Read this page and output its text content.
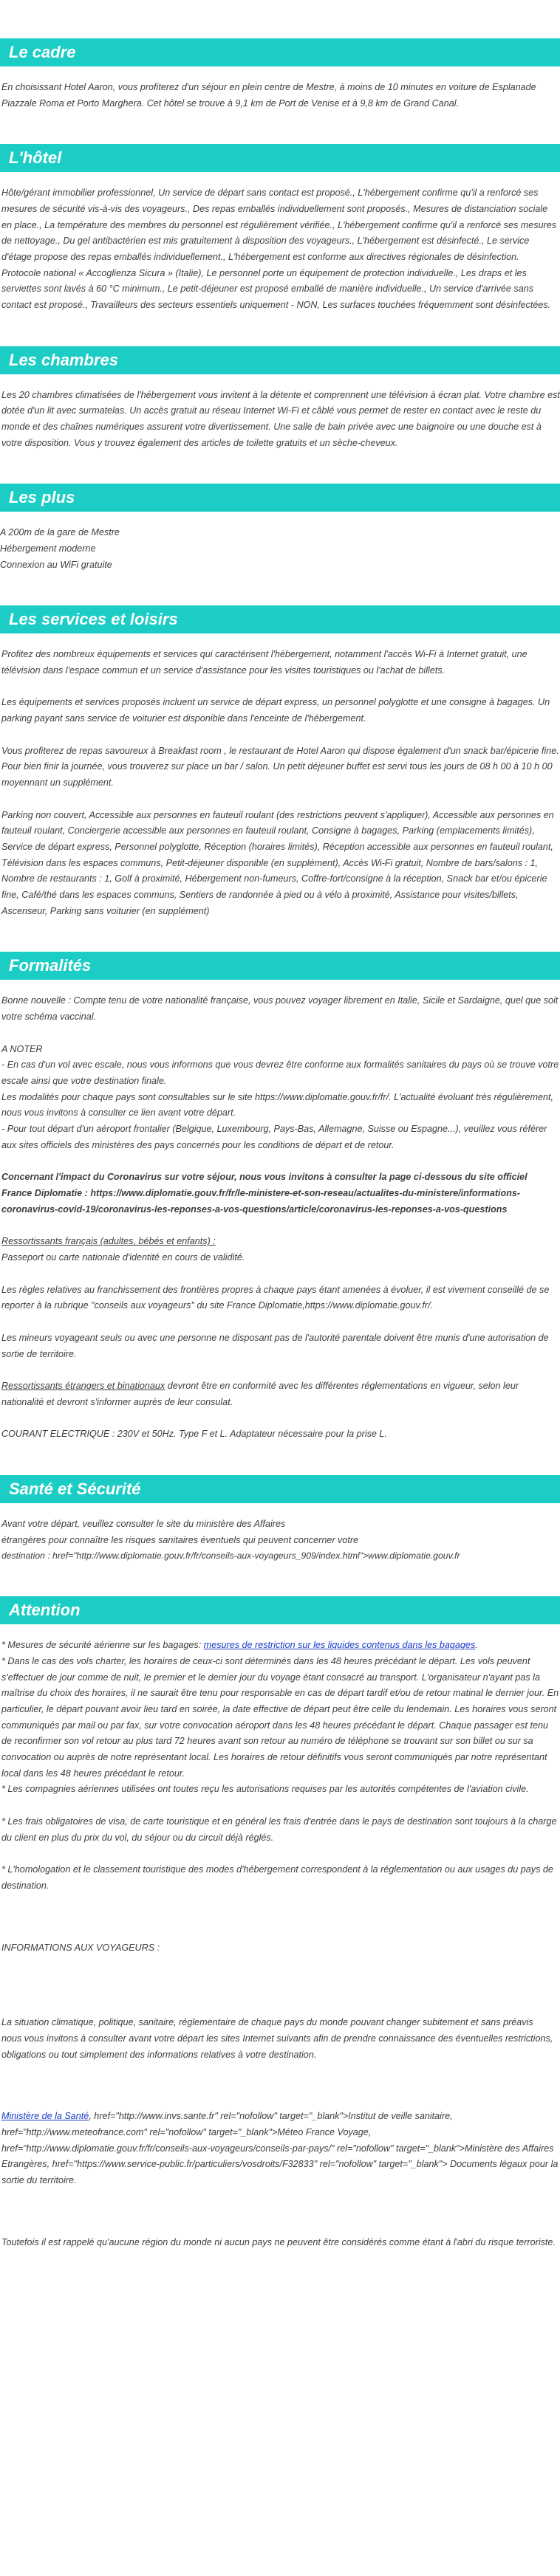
Le cadre

En choisissant Hotel Aaron, vous profiterez d'un séjour en plein centre de Mestre, à moins de 10 minutes en voiture de Esplanade Piazzale Roma et Porto Marghera. Cet hôtel se trouve à 9,1 km de Port de Venise et à 9,8 km de Grand Canal.

L'hôtel

Hôte/gérant immobilier professionnel, Un service de départ sans contact est proposé., L'hébergement confirme qu'il a renforcé ses mesures de sécurité vis-à-vis des voyageurs., Des repas emballés individuellement sont proposés., Mesures de distanciation sociale en place., La température des membres du personnel est régulièrement vérifiée., L'hébergement confirme qu'il a renforcé ses mesures de nettoyage., Du gel antibactérien est mis gratuitement à disposition des voyageurs., L'hébergement est désinfecté., Le service d'étage propose des repas emballés individuellement., L'hébergement est conforme aux directives régionales de désinfection. Protocole national « Accoglienza Sicura » (Italie), Le personnel porte un équipement de protection individuelle., Les draps et les serviettes sont lavés à 60 °C minimum., Le petit-déjeuner est proposé emballé de manière individuelle., Un service d'arrivée sans contact est proposé., Travailleurs des secteurs essentiels uniquement - NON, Les surfaces touchées fréquemment sont désinfectées.

Les chambres

Les 20 chambres climatisées de l'hébergement vous invitent à la détente et comprennent une télévision à écran plat. Votre chambre est dotée d'un lit avec surmatelas. Un accès gratuit au réseau Internet Wi-Fi et câblé vous permet de rester en contact avec le reste du monde et des chaînes numériques assurent votre divertissement. Une salle de bain privée avec une baignoire ou une douche est à votre disposition. Vous y trouvez également des articles de toilette gratuits et un sèche-cheveux.

Les plus
A 200m de la gare de Mestre
Hébergement moderne
Connexion au WiFi gratuite
Les services et loisirs

Profitez des nombreux équipements et services qui caractérisent l'hébergement, notamment l'accès Wi-Fi à Internet gratuit, une télévision dans l'espace commun et un service d'assistance pour les visites touristiques ou l'achat de billets.

Les équipements et services proposés incluent un service de départ express, un personnel polyglotte et une consigne à bagages. Un parking payant sans service de voiturier est disponible dans l'enceinte de l'hébergement.

Vous profiterez de repas savoureux à Breakfast room , le restaurant de Hotel Aaron qui dispose également d'un snack bar/épicerie fine. Pour bien finir la journée, vous trouverez sur place un bar / salon. Un petit déjeuner buffet est servi tous les jours de 08 h 00 à 10 h 00 moyennant un supplément.

Parking non couvert, Accessible aux personnes en fauteuil roulant (des restrictions peuvent s'appliquer), Accessible aux personnes en fauteuil roulant, Conciergerie accessible aux personnes en fauteuil roulant, Consigne à bagages, Parking (emplacements limités), Service de départ express, Personnel polyglotte, Réception (horaires limités), Réception accessible aux personnes en fauteuil roulant, Télévision dans les espaces communs, Petit-déjeuner disponible (en supplément), Accès Wi-Fi gratuit, Nombre de bars/salons : 1, Nombre de restaurants : 1, Golf à proximité, Hébergement non-fumeurs, Coffre-fort/consigne à la réception, Snack bar et/ou épicerie fine, Café/thé dans les espaces communs, Sentiers de randonnée à pied ou à vélo à proximité, Assistance pour visites/billets, Ascenseur, Parking sans voiturier (en supplément)

Formalités

Bonne nouvelle : Compte tenu de votre nationalité française, vous pouvez voyager librement en Italie, Sicile et Sardaigne, quel que soit votre schéma vaccinal.

A NOTER

- En cas d'un vol avec escale, nous vous informons que vous devrez être conforme aux formalités sanitaires du pays où se trouve votre escale ainsi que votre destination finale.

Les modalités pour chaque pays sont consultables sur le site https://www.diplomatie.gouv.fr/fr/. L'actualité évoluant très régulièrement, nous vous invitons à consulter ce lien avant votre départ.

- Pour tout départ d'un aéroport frontalier (Belgique, Luxembourg, Pays-Bas, Allemagne, Suisse ou Espagne...), veuillez vous référer aux sites officiels des ministères des pays concernés pour les conditions de départ et de retour.

Concernant l'impact du Coronavirus sur votre séjour, nous vous invitons à consulter la page ci-dessous du site officiel France Diplomatie : https://www.diplomatie.gouv.fr/fr/le-ministere-et-son-reseau/actualites-du-ministere/informations-coronavirus-covid-19/coronavirus-les-reponses-a-vos-questions/article/coronavirus-les-reponses-a-vos-questions

Ressortissants français (adultes, bébés et enfants) :

Passeport ou carte nationale d'identité en cours de validité.

Les règles relatives au franchissement des frontières propres à chaque pays étant amenées à évoluer, il est vivement conseillé de se reporter à la rubrique "conseils aux voyageurs" du site France Diplomatie,https://www.diplomatie.gouv.fr/.

Les mineurs voyageant seuls ou avec une personne ne disposant pas de l'autorité parentale doivent être munis d'une autorisation de sortie de territoire.

Ressortissants étrangers et binationaux devront être en conformité avec les différentes réglementations en vigueur, selon leur nationalité et devront s'informer auprès de leur consulat.

COURANT ELECTRIQUE : 230V et 50Hz. Type F et L. Adaptateur nécessaire pour la prise L.

Santé et Sécurité

Avant votre départ, veuillez consulter le site du ministère des Affaires

étrangères pour connaître les risques sanitaires éventuels qui peuvent concerner votre

destination : href="http://www.diplomatie.gouv.fr/fr/conseils-aux-voyageurs_909/index.html">www.diplomatie.gouv.fr

Attention

* Mesures de sécurité aérienne sur les bagages: mesures de restriction sur les liquides contenus dans les bagages.

* Dans le cas des vols charter, les horaires de ceux-ci sont déterminés dans les 48 heures précédant le départ. Les vols peuvent s'effectuer de jour comme de nuit, le premier et le dernier jour du voyage étant consacré au transport. L'organisateur n'ayant pas la maîtrise du choix des horaires, il ne saurait être tenu pour responsable en cas de départ tardif et/ou de retour matinal le dernier jour. En particulier, le départ pouvant avoir lieu tard en soirée, la date effective de départ peut être celle du lendemain. Les horaires vous seront communiqués par mail ou par fax, sur votre convocation aéroport dans les 48 heures précédant le départ. Chaque passager est tenu de reconfirmer son vol retour au plus tard 72 heures avant son retour au numéro de téléphone se trouvant sur son billet ou sur sa convocation ou auprès de notre représentant local. Les horaires de retour définitifs vous seront communiqués par notre représentant local dans les 48 heures précédant le retour.

* Les compagnies aériennes utilisées ont toutes reçu les autorisations requises par les autorités compétentes de l'aviation civile.

* Les frais obligatoires de visa, de carte touristique et en général les frais d'entrée dans le pays de destination sont toujours à la charge du client en plus du prix du vol, du séjour ou du circuit déjà réglés.

* L'homologation et le classement touristique des modes d'hébergement correspondent à la réglementation ou aux usages du pays de destination.

INFORMATIONS AUX VOYAGEURS :

La situation climatique, politique, sanitaire, réglementaire de chaque pays du monde pouvant changer subitement et sans préavis

nous vous invitons à consulter avant votre départ les sites Internet suivants afin de prendre connaissance des éventuelles restrictions, obligations ou tout simplement des informations relatives à votre destination.

Ministère de la Santé, href="http://www.invs.sante.fr" rel="nofollow" target="_blank">Institut de veille sanitaire, href="http://www.meteofrance.com" rel="nofollow" target="_blank">Méteo France Voyage, href="http://www.diplomatie.gouv.fr/fr/conseils-aux-voyageurs/conseils-par-pays/" rel="nofollow" target="_blank">Ministère des Affaires Etrangères, href="https://www.service-public.fr/particuliers/vosdroits/F32833" rel="nofollow" target="_blank"> Documents légaux pour la sortie du territoire.

Toutefois il est rappelé qu'aucune région du monde ni aucun pays ne peuvent être considérés comme étant à l'abri du risque terroriste.
